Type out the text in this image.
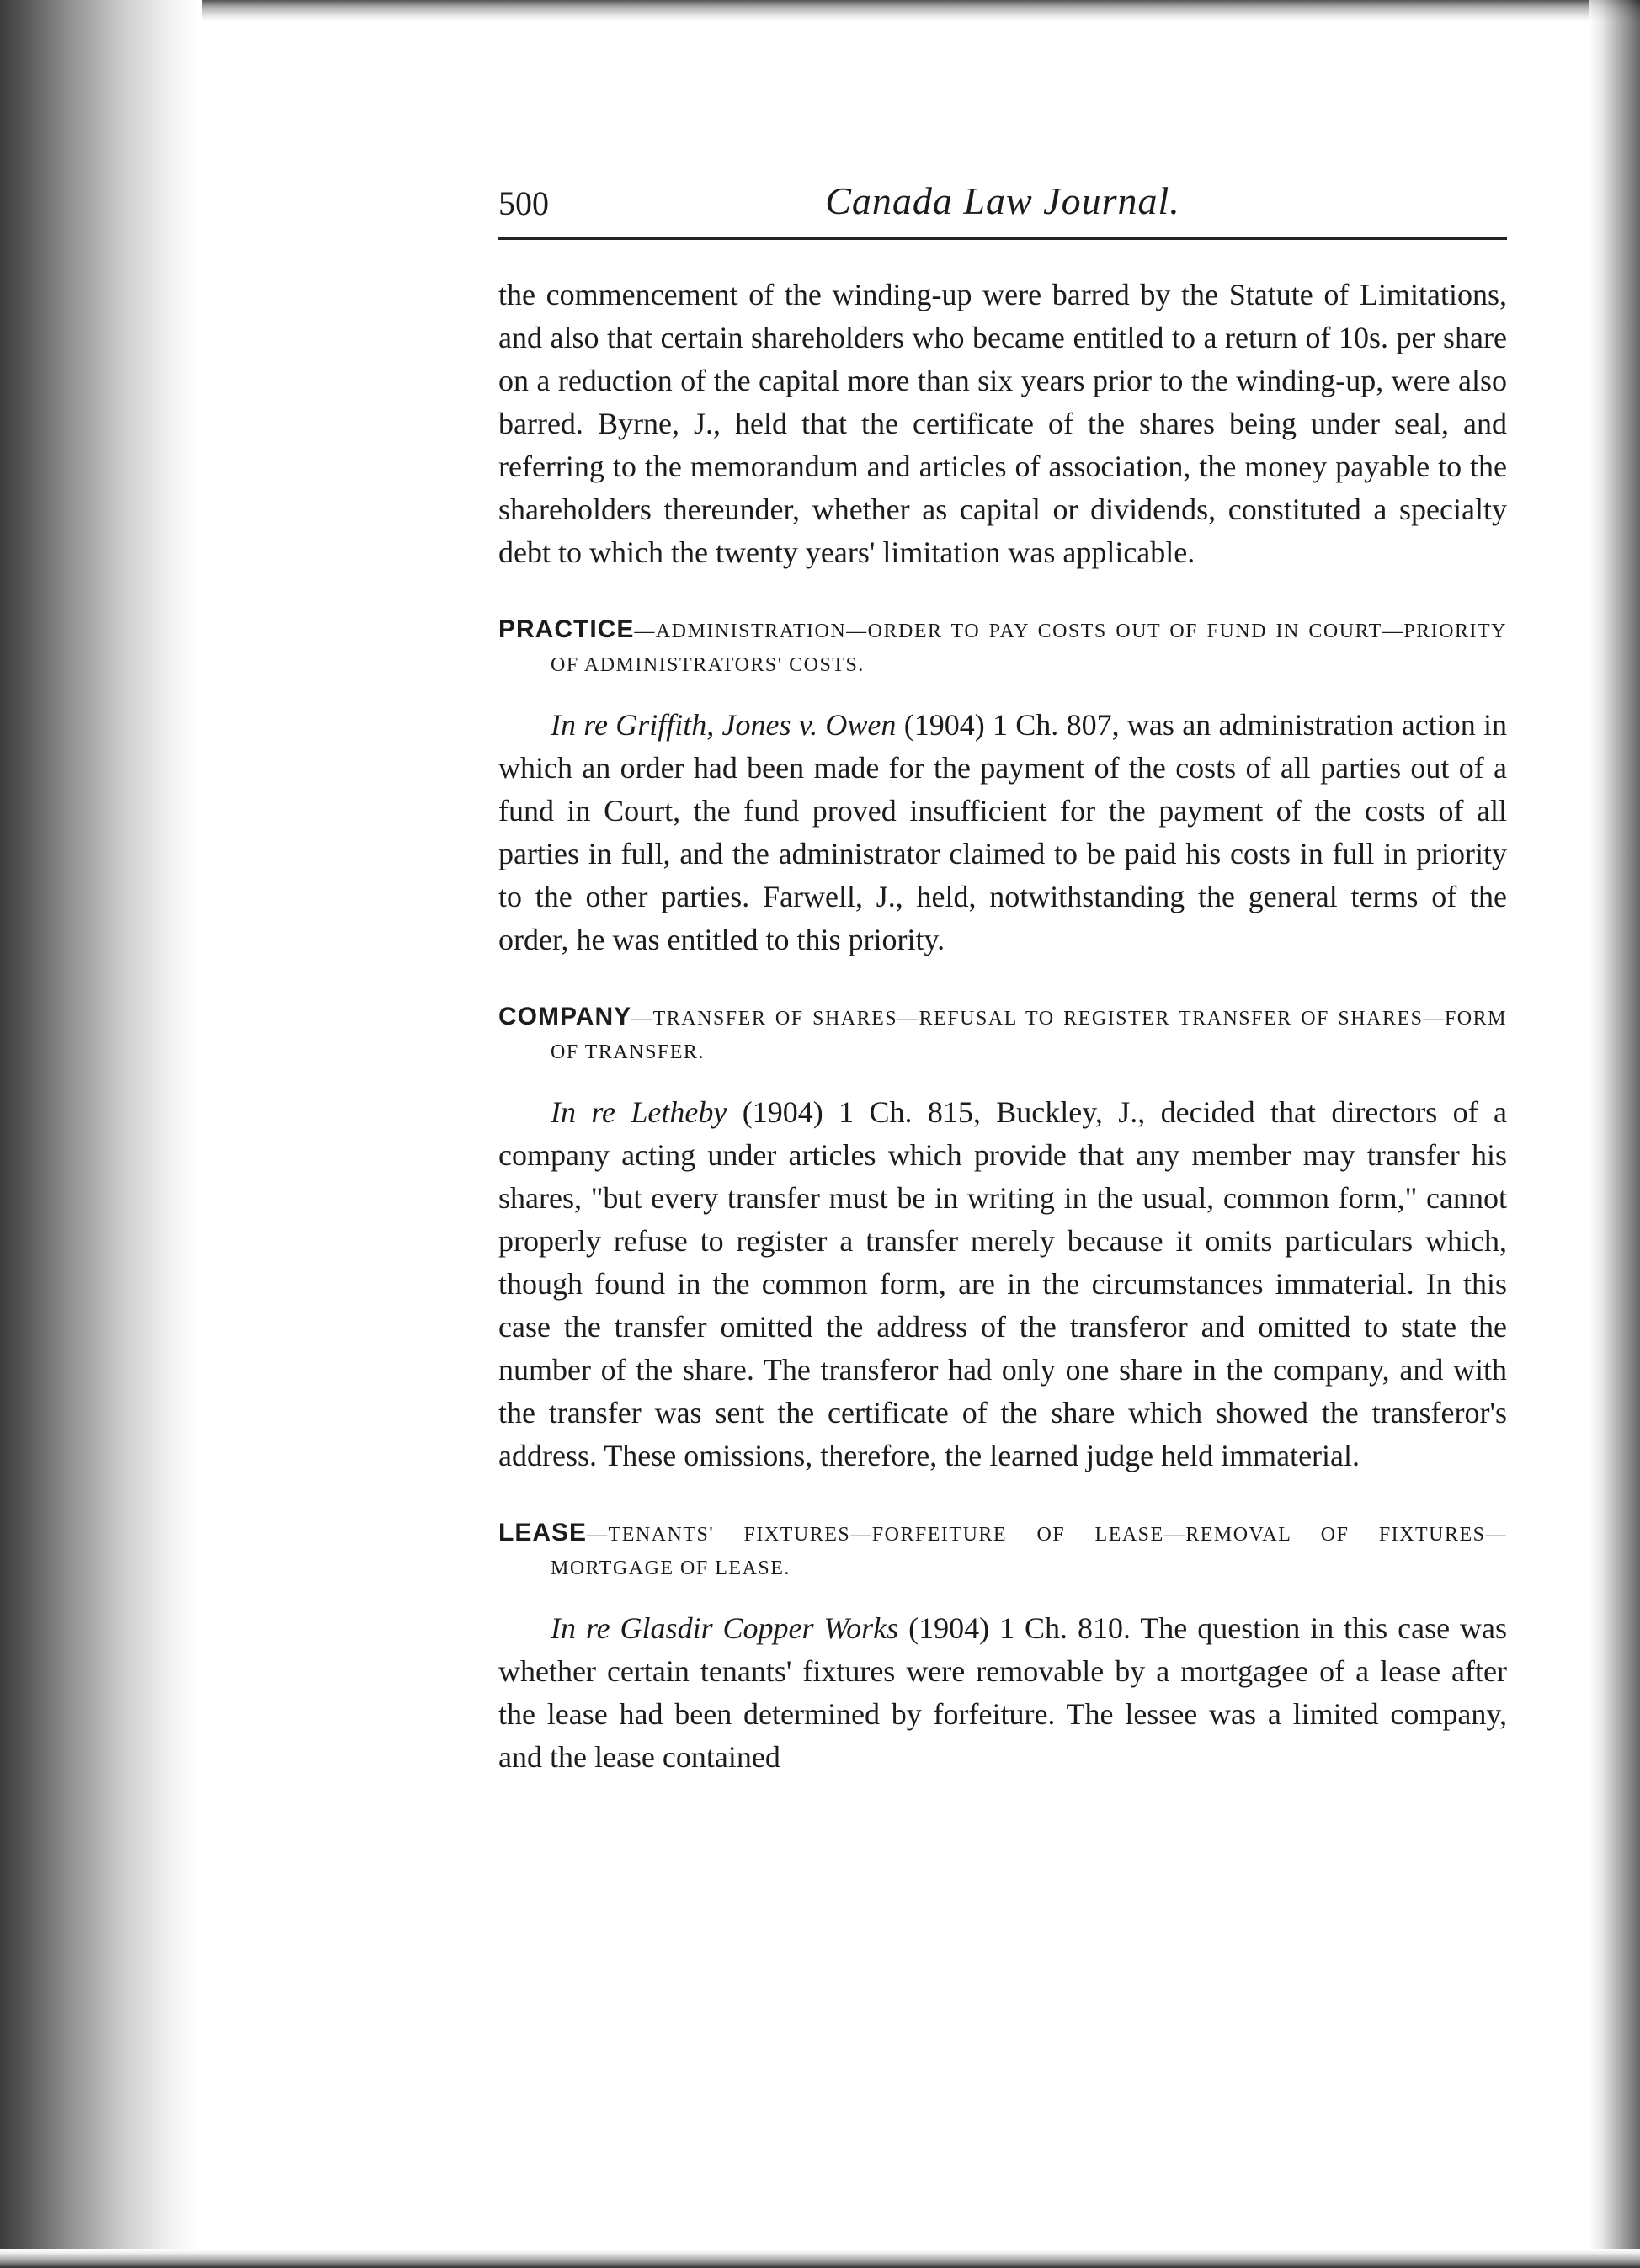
500	Canada Law Journal.

the commencement of the winding-up were barred by the Statute of Limitations, and also that certain shareholders who became entitled to a return of 10s. per share on a reduction of the capital more than six years prior to the winding-up, were also barred. Byrne, J., held that the certificate of the shares being under seal, and referring to the memorandum and articles of association, the money payable to the shareholders thereunder, whether as capital or dividends, constituted a specialty debt to which the twenty years' limitation was applicable.

PRACTICE—ADMINISTRATION—ORDER TO PAY COSTS OUT OF FUND IN COURT—PRIORITY OF ADMINISTRATORS' COSTS.

In re Griffith, Jones v. Owen (1904) 1 Ch. 807, was an administration action in which an order had been made for the payment of the costs of all parties out of a fund in Court, the fund proved insufficient for the payment of the costs of all parties in full, and the administrator claimed to be paid his costs in full in priority to the other parties. Farwell, J., held, notwithstanding the general terms of the order, he was entitled to this priority.

COMPANY—TRANSFER OF SHARES—REFUSAL TO REGISTER TRANSFER OF SHARES—FORM OF TRANSFER.

In re Letheby (1904) 1 Ch. 815, Buckley, J., decided that directors of a company acting under articles which provide that any member may transfer his shares, "but every transfer must be in writing in the usual, common form," cannot properly refuse to register a transfer merely because it omits particulars which, though found in the common form, are in the circumstances immaterial. In this case the transfer omitted the address of the transferor and omitted to state the number of the share. The transferor had only one share in the company, and with the transfer was sent the certificate of the share which showed the transferor's address. These omissions, therefore, the learned judge held immaterial.

LEASE—TENANTS' FIXTURES—FORFEITURE OF LEASE—REMOVAL OF FIXTURES—MORTGAGE OF LEASE.

In re Glasdir Copper Works (1904) 1 Ch. 810. The question in this case was whether certain tenants' fixtures were removable by a mortgagee of a lease after the lease had been determined by forfeiture. The lessee was a limited company, and the lease contained
